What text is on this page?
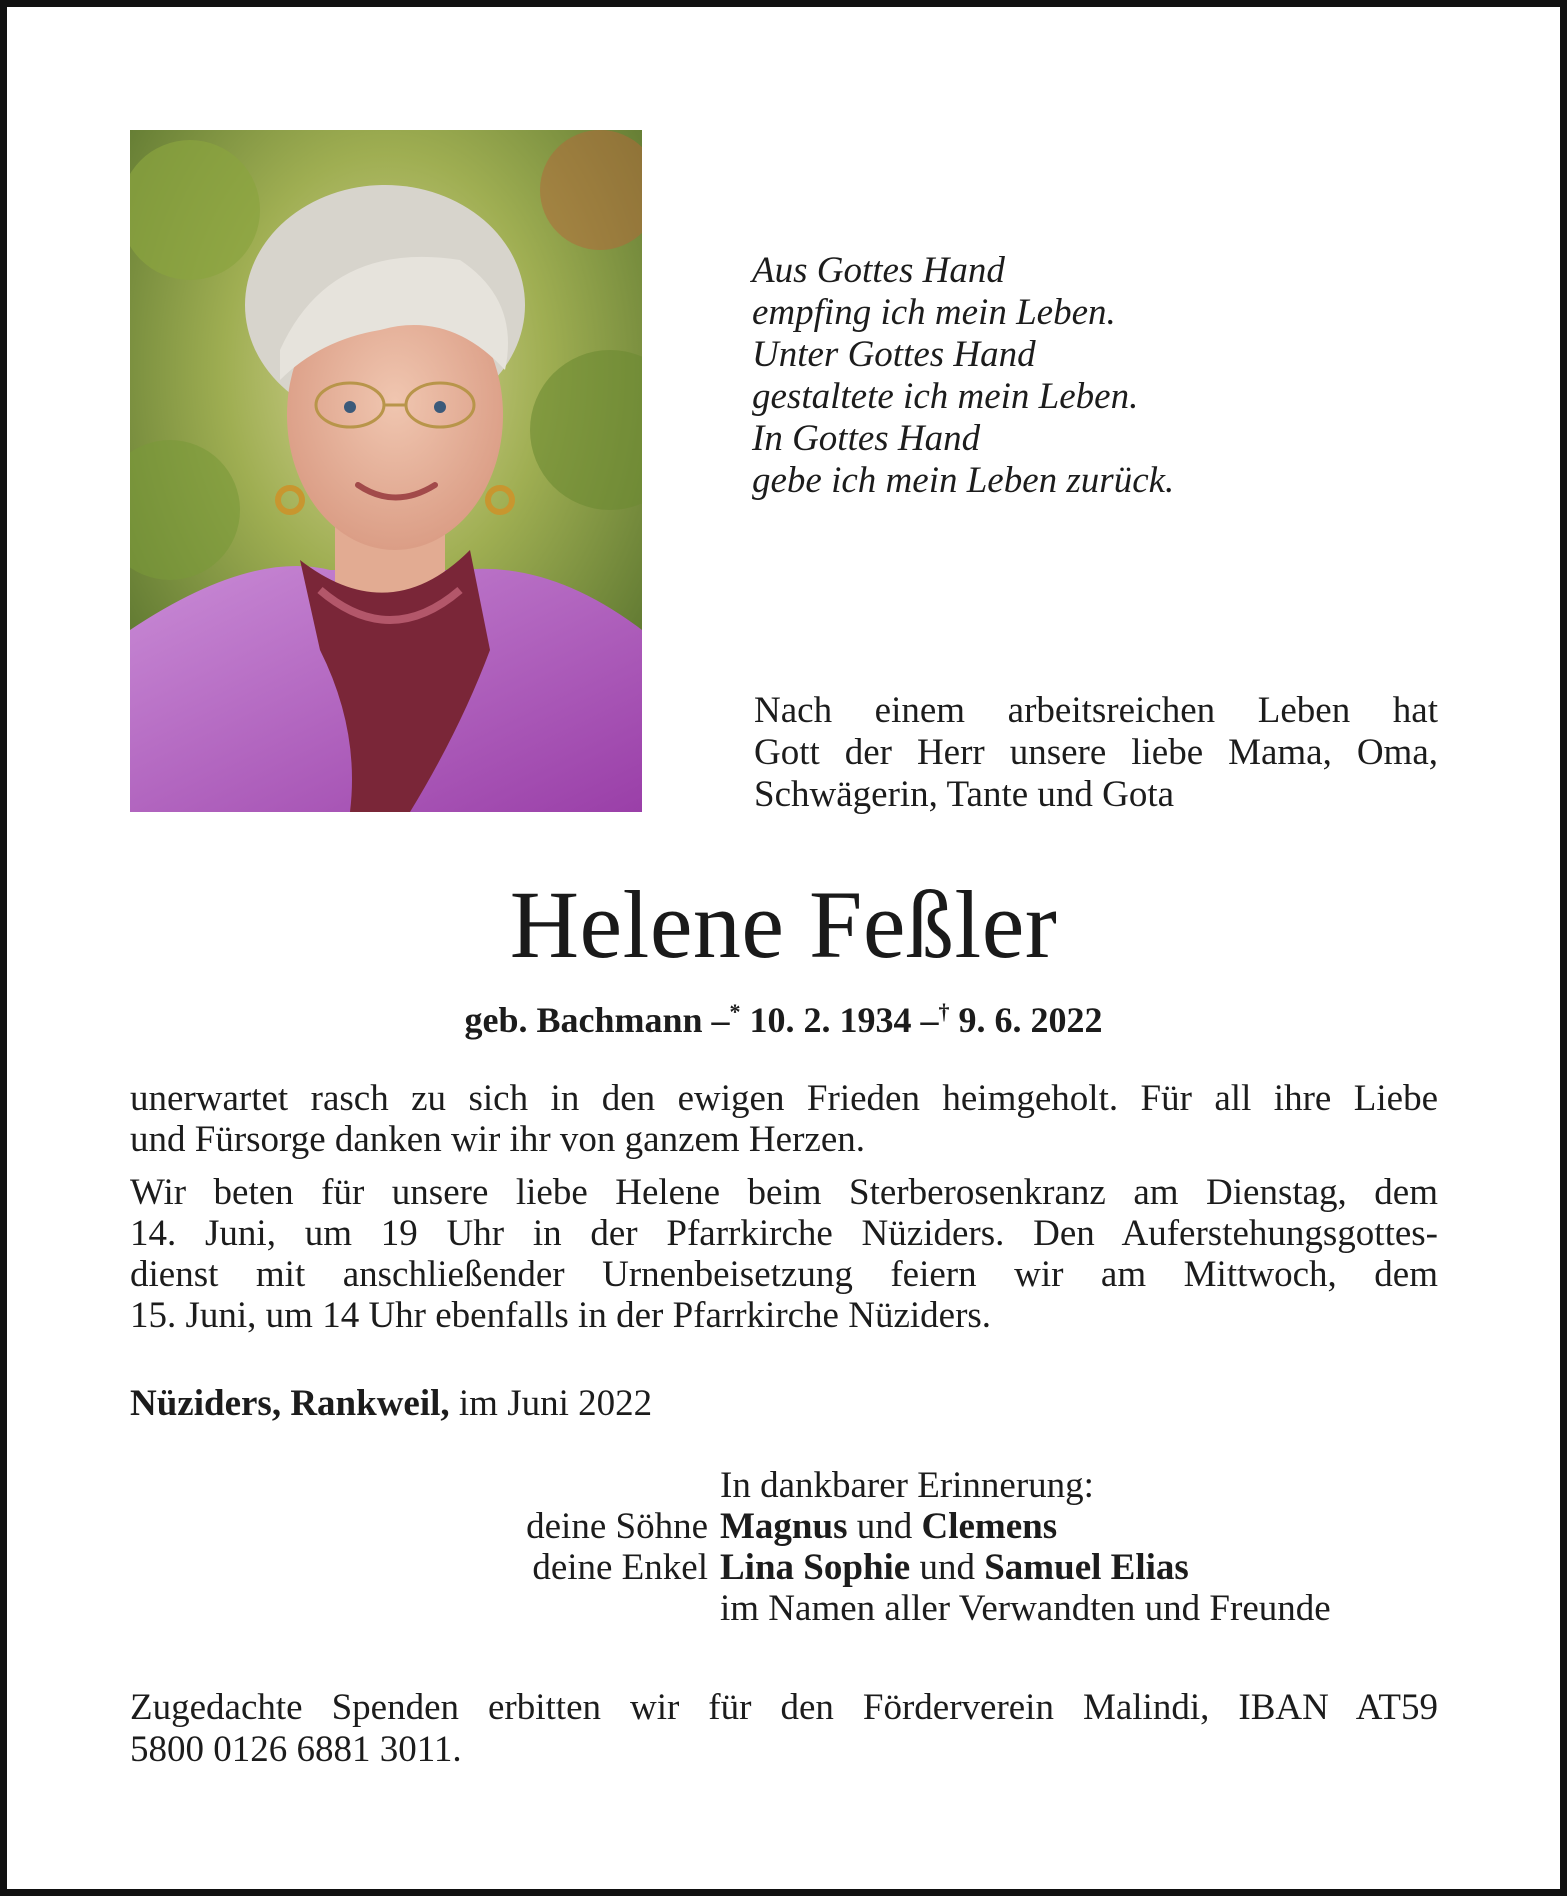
Aus Gottes Hand
empfing ich mein Leben.
Unter Gottes Hand
gestaltete ich mein Leben.
In Gottes Hand
gebe ich mein Leben zurück.
Nach einem arbeitsreichen Leben hat
Gott der Herr unsere liebe Mama, Oma,
Schwägerin, Tante und Gota
Helene Feßler
geb. Bachmann –* 10. 2. 1934 –† 9. 6. 2022
unerwartet rasch zu sich in den ewigen Frieden heimgeholt. Für all ihre Liebe
und Fürsorge danken wir ihr von ganzem Herzen.
Wir beten für unsere liebe Helene beim Sterberosenkranz am Dienstag, dem
14. Juni, um 19 Uhr in der Pfarrkirche Nüziders. Den Auferstehungsgottes-
dienst mit anschließender Urnenbeisetzung feiern wir am Mittwoch, dem
15. Juni, um 14 Uhr ebenfalls in der Pfarrkirche Nüziders.
Nüziders, Rankweil, im Juni 2022
In dankbarer Erinnerung:
deine Söhne Magnus und Clemens
deine Enkel Lina Sophie und Samuel Elias
im Namen aller Verwandten und Freunde
Zugedachte Spenden erbitten wir für den Förderverein Malindi, IBAN AT59
5800 0126 6881 3011.
